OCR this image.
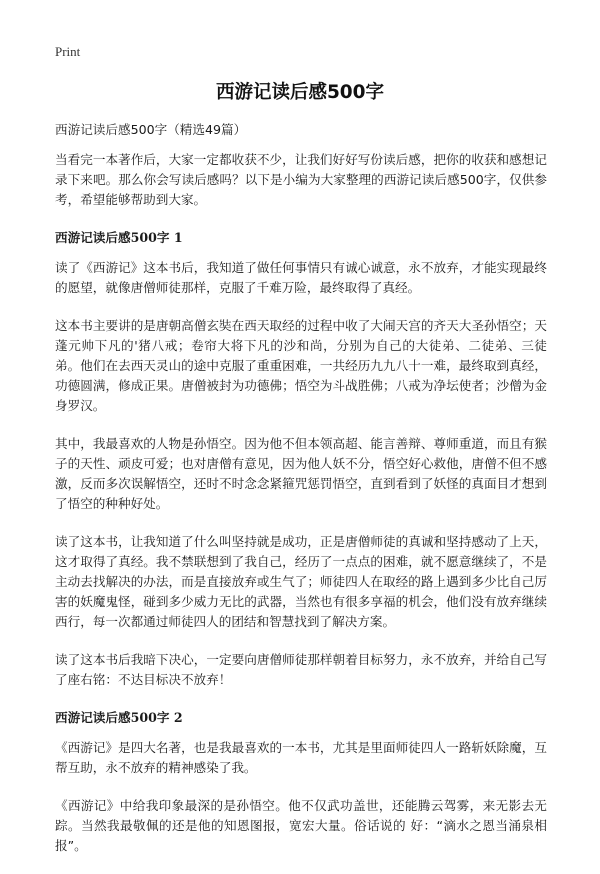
Print
西游记读后感500字

西游记读后感500字（精选49篇）

当看完一本著作后，大家一定都收获不少，让我们好好写份读后感，把你的收获和感想记录下来吧。那么你会写读后感吗？以下是小编为大家整理的西游记读后感500字，仅供参考，希望能够帮助到大家。

西游记读后感500字 1

读了《西游记》这本书后，我知道了做任何事情只有诚心诚意，永不放弃，才能实现最终的愿望，就像唐僧师徒那样，克服了千难万险，最终取得了真经。

这本书主要讲的是唐朝高僧玄奘在西天取经的过程中收了大闹天宫的齐天大圣孙悟空；天蓬元帅下凡的'猪八戒；卷帘大将下凡的沙和尚，分别为自己的大徒弟、二徒弟、三徒弟。他们在去西天灵山的途中克服了重重困难，一共经历九九八十一难，最终取到真经，功德圆满，修成正果。唐僧被封为功德佛；悟空为斗战胜佛；八戒为净坛使者；沙僧为金身罗汉。

其中，我最喜欢的人物是孙悟空。因为他不但本领高超、能言善辩、尊师重道，而且有猴子的天性、顽皮可爱；也对唐僧有意见，因为他人妖不分，悟空好心救他，唐僧不但不感激，反而多次误解悟空，还时不时念念紧箍咒惩罚悟空，直到看到了妖怪的真面目才想到了悟空的种种好处。

读了这本书，让我知道了什么叫坚持就是成功，正是唐僧师徒的真诚和坚持感动了上天，这才取得了真经。我不禁联想到了我自己，经历了一点点的困难，就不愿意继续了，不是主动去找解决的办法，而是直接放弃或生气了；师徒四人在取经的路上遇到多少比自己厉害的妖魔鬼怪，碰到多少威力无比的武器，当然也有很多享福的机会，他们没有放弃继续西行，每一次都通过师徒四人的团结和智慧找到了解决方案。

读了这本书后我暗下决心，一定要向唐僧师徒那样朝着目标努力，永不放弃，并给自己写了座右铭：不达目标决不放弃！

西游记读后感500字 2

《西游记》是四大名著，也是我最喜欢的一本书，尤其是里面师徒四人一路斩妖除魔，互帮互助，永不放弃的精神感染了我。

《西游记》中给我印象最深的是孙悟空。他不仅武功盖世，还能腾云驾雾，来无影去无踪。当然我最敬佩的还是他的知恩图报，宽宏大量。俗话说的 好：“滴水之恩当涌泉相报”。
